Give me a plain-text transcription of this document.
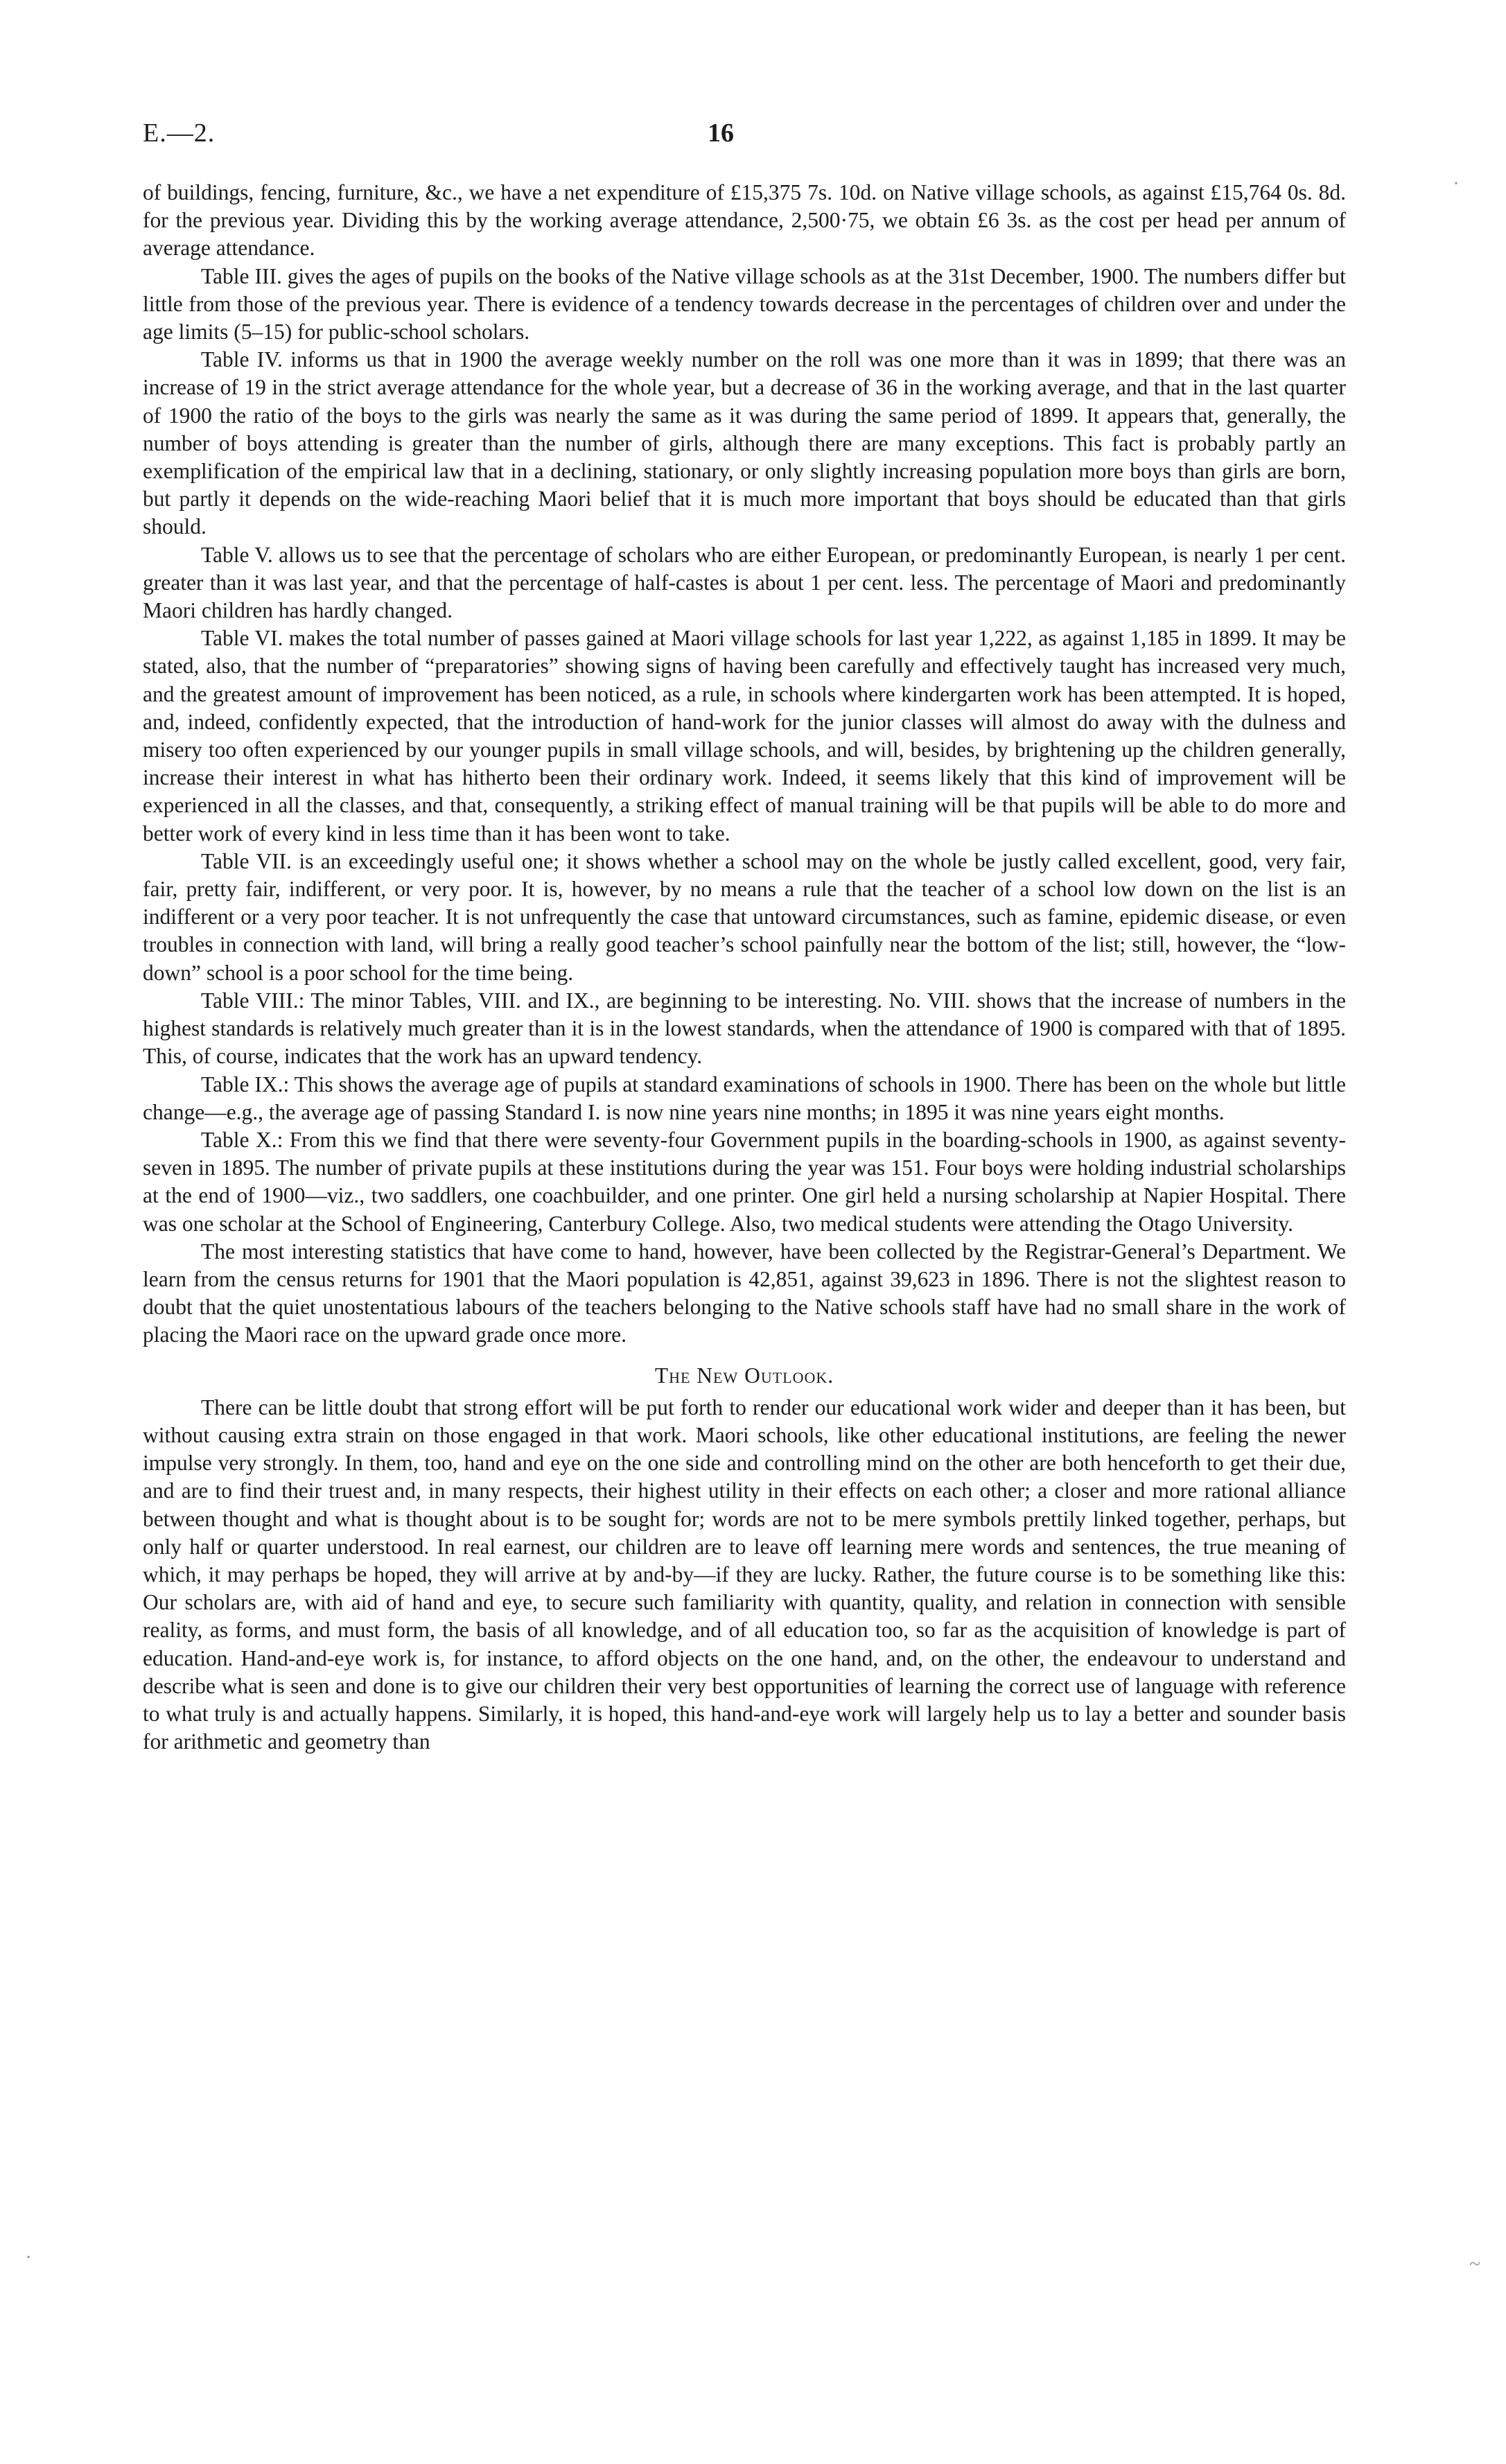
E.—2.	16

of buildings, fencing, furniture, &c., we have a net expenditure of £15,375 7s. 10d. on Native village schools, as against £15,764 0s. 8d. for the previous year. Dividing this by the working average attendance, 2,500·75, we obtain £6 3s. as the cost per head per annum of average attendance.

Table III. gives the ages of pupils on the books of the Native village schools as at the 31st December, 1900. The numbers differ but little from those of the previous year. There is evidence of a tendency towards decrease in the percentages of children over and under the age limits (5–15) for public-school scholars.

Table IV. informs us that in 1900 the average weekly number on the roll was one more than it was in 1899; that there was an increase of 19 in the strict average attendance for the whole year, but a decrease of 36 in the working average, and that in the last quarter of 1900 the ratio of the boys to the girls was nearly the same as it was during the same period of 1899. It appears that, generally, the number of boys attending is greater than the number of girls, although there are many exceptions. This fact is probably partly an exemplification of the empirical law that in a declining, stationary, or only slightly increasing population more boys than girls are born, but partly it depends on the wide-reaching Maori belief that it is much more important that boys should be educated than that girls should.

Table V. allows us to see that the percentage of scholars who are either European, or predominantly European, is nearly 1 per cent. greater than it was last year, and that the percentage of half-castes is about 1 per cent. less. The percentage of Maori and predominantly Maori children has hardly changed.

Table VI. makes the total number of passes gained at Maori village schools for last year 1,222, as against 1,185 in 1899. It may be stated, also, that the number of “preparatories” showing signs of having been carefully and effectively taught has increased very much, and the greatest amount of improvement has been noticed, as a rule, in schools where kindergarten work has been attempted. It is hoped, and, indeed, confidently expected, that the introduction of hand-work for the junior classes will almost do away with the dulness and misery too often experienced by our younger pupils in small village schools, and will, besides, by brightening up the children generally, increase their interest in what has hitherto been their ordinary work. Indeed, it seems likely that this kind of improvement will be experienced in all the classes, and that, consequently, a striking effect of manual training will be that pupils will be able to do more and better work of every kind in less time than it has been wont to take.

Table VII. is an exceedingly useful one; it shows whether a school may on the whole be justly called excellent, good, very fair, fair, pretty fair, indifferent, or very poor. It is, however, by no means a rule that the teacher of a school low down on the list is an indifferent or a very poor teacher. It is not unfrequently the case that untoward circumstances, such as famine, epidemic disease, or even troubles in connection with land, will bring a really good teacher’s school painfully near the bottom of the list; still, however, the “low-down” school is a poor school for the time being.

Table VIII.: The minor Tables, VIII. and IX., are beginning to be interesting. No. VIII. shows that the increase of numbers in the highest standards is relatively much greater than it is in the lowest standards, when the attendance of 1900 is compared with that of 1895. This, of course, indicates that the work has an upward tendency.

Table IX.: This shows the average age of pupils at standard examinations of schools in 1900. There has been on the whole but little change—e.g., the average age of passing Standard I. is now nine years nine months; in 1895 it was nine years eight months.

Table X.: From this we find that there were seventy-four Government pupils in the boarding-schools in 1900, as against seventy-seven in 1895. The number of private pupils at these institutions during the year was 151. Four boys were holding industrial scholarships at the end of 1900—viz., two saddlers, one coachbuilder, and one printer. One girl held a nursing scholarship at Napier Hospital. There was one scholar at the School of Engineering, Canterbury College. Also, two medical students were attending the Otago University.

The most interesting statistics that have come to hand, however, have been collected by the Registrar-General’s Department. We learn from the census returns for 1901 that the Maori population is 42,851, against 39,623 in 1896. There is not the slightest reason to doubt that the quiet unostentatious labours of the teachers belonging to the Native schools staff have had no small share in the work of placing the Maori race on the upward grade once more.

The New Outlook.

There can be little doubt that strong effort will be put forth to render our educational work wider and deeper than it has been, but without causing extra strain on those engaged in that work. Maori schools, like other educational institutions, are feeling the newer impulse very strongly. In them, too, hand and eye on the one side and controlling mind on the other are both henceforth to get their due, and are to find their truest and, in many respects, their highest utility in their effects on each other; a closer and more rational alliance between thought and what is thought about is to be sought for; words are not to be mere symbols prettily linked together, perhaps, but only half or quarter understood. In real earnest, our children are to leave off learning mere words and sentences, the true meaning of which, it may perhaps be hoped, they will arrive at by and-by—if they are lucky. Rather, the future course is to be something like this: Our scholars are, with aid of hand and eye, to secure such familiarity with quantity, quality, and relation in connection with sensible reality, as forms, and must form, the basis of all knowledge, and of all education too, so far as the acquisition of knowledge is part of education. Hand-and-eye work is, for instance, to afford objects on the one hand, and, on the other, the endeavour to understand and describe what is seen and done is to give our children their very best opportunities of learning the correct use of language with reference to what truly is and actually happens. Similarly, it is hoped, this hand-and-eye work will largely help us to lay a better and sounder basis for arithmetic and geometry than

·
·	~
